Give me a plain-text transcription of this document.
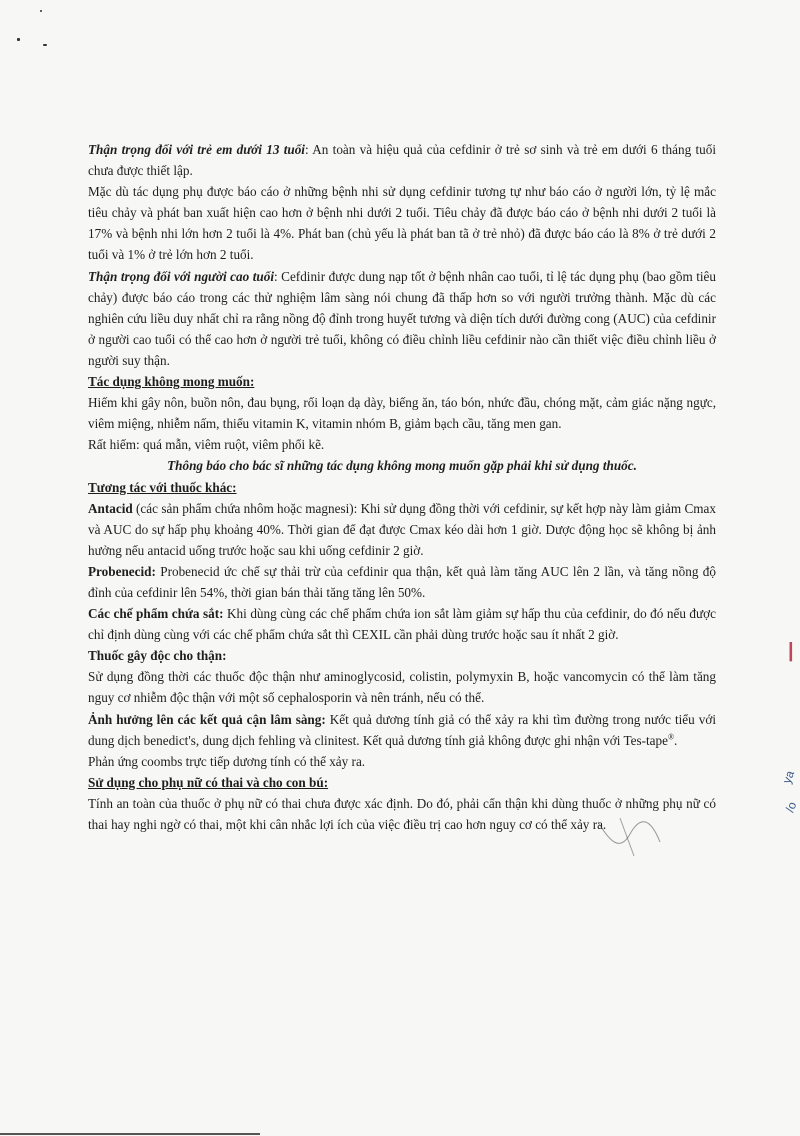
|
ya
/o

Thận trọng đối với trẻ em dưới 13 tuổi: An toàn và hiệu quả của cefdinir ở trẻ sơ sinh và trẻ em dưới 6 tháng tuổi chưa được thiết lập.

Mặc dù tác dụng phụ được báo cáo ở những bệnh nhi sử dụng cefdinir tương tự như báo cáo ở người lớn, tỷ lệ mắc tiêu chảy và phát ban xuất hiện cao hơn ở bệnh nhi dưới 2 tuổi. Tiêu chảy đã được báo cáo ở bệnh nhi dưới 2 tuổi là 17% và bệnh nhi lớn hơn 2 tuổi là 4%. Phát ban (chủ yếu là phát ban tã ở trẻ nhỏ) đã được báo cáo là 8% ở trẻ dưới 2 tuổi và 1% ở trẻ lớn hơn 2 tuổi.

Thận trọng đối với người cao tuổi: Cefdinir được dung nạp tốt ở bệnh nhân cao tuổi, tỉ lệ tác dụng phụ (bao gồm tiêu chảy) được báo cáo trong các thử nghiệm lâm sàng nói chung đã thấp hơn so với người trưởng thành. Mặc dù các nghiên cứu liều duy nhất chỉ ra rằng nồng độ đỉnh trong huyết tương và diện tích dưới đường cong (AUC) của cefdinir ở người cao tuổi có thể cao hơn ở người trẻ tuổi, không có điều chỉnh liều cefdinir nào cần thiết việc điều chỉnh liều ở người suy thận.

Tác dụng không mong muốn:

Hiếm khi gây nôn, buồn nôn, đau bụng, rối loạn dạ dày, biếng ăn, táo bón, nhức đầu, chóng mặt, cảm giác nặng ngực, viêm miệng, nhiễm nấm, thiếu vitamin K, vitamin nhóm B, giảm bạch cầu, tăng men gan.

Rất hiếm: quá mẫn, viêm ruột, viêm phổi kẽ.

Thông báo cho bác sĩ những tác dụng không mong muốn gặp phải khi sử dụng thuốc.

Tương tác với thuốc khác:

Antacid (các sản phẩm chứa nhôm hoặc magnesi): Khi sử dụng đồng thời với cefdinir, sự kết hợp này làm giảm Cmax và AUC do sự hấp phụ khoảng 40%. Thời gian để đạt được Cmax kéo dài hơn 1 giờ. Dược động học sẽ không bị ảnh hưởng nếu antacid uống trước hoặc sau khi uống cefdinir 2 giờ.

Probenecid: Probenecid ức chế sự thải trừ của cefdinir qua thận, kết quả làm tăng AUC lên 2 lần, và tăng nồng độ đỉnh của cefdinir lên 54%, thời gian bán thải tăng tăng lên 50%.

Các chế phẩm chứa sắt: Khi dùng cùng các chế phẩm chứa ion sắt làm giảm sự hấp thu của cefdinir, do đó nếu được chỉ định dùng cùng với các chế phẩm chứa sắt thì CEXIL cần phải dùng trước hoặc sau ít nhất 2 giờ.

Thuốc gây độc cho thận:

Sử dụng đồng thời các thuốc độc thận như aminoglycosid, colistin, polymyxin B, hoặc vancomycin có thể làm tăng nguy cơ nhiễm độc thận với một số cephalosporin và nên tránh, nếu có thể.

Ảnh hưởng lên các kết quả cận lâm sàng: Kết quả dương tính giả có thể xảy ra khi tìm đường trong nước tiểu với dung dịch benedict's, dung dịch fehling và clinitest. Kết quả dương tính giả không được ghi nhận với Tes-tape®.

Phản ứng coombs trực tiếp dương tính có thể xảy ra.

Sử dụng cho phụ nữ có thai và cho con bú:

Tính an toàn của thuốc ở phụ nữ có thai chưa được xác định. Do đó, phải cẩn thận khi dùng thuốc ở những phụ nữ có thai hay nghi ngờ có thai, một khi cân nhắc lợi ích của việc điều trị cao hơn nguy cơ có thể xảy ra.
